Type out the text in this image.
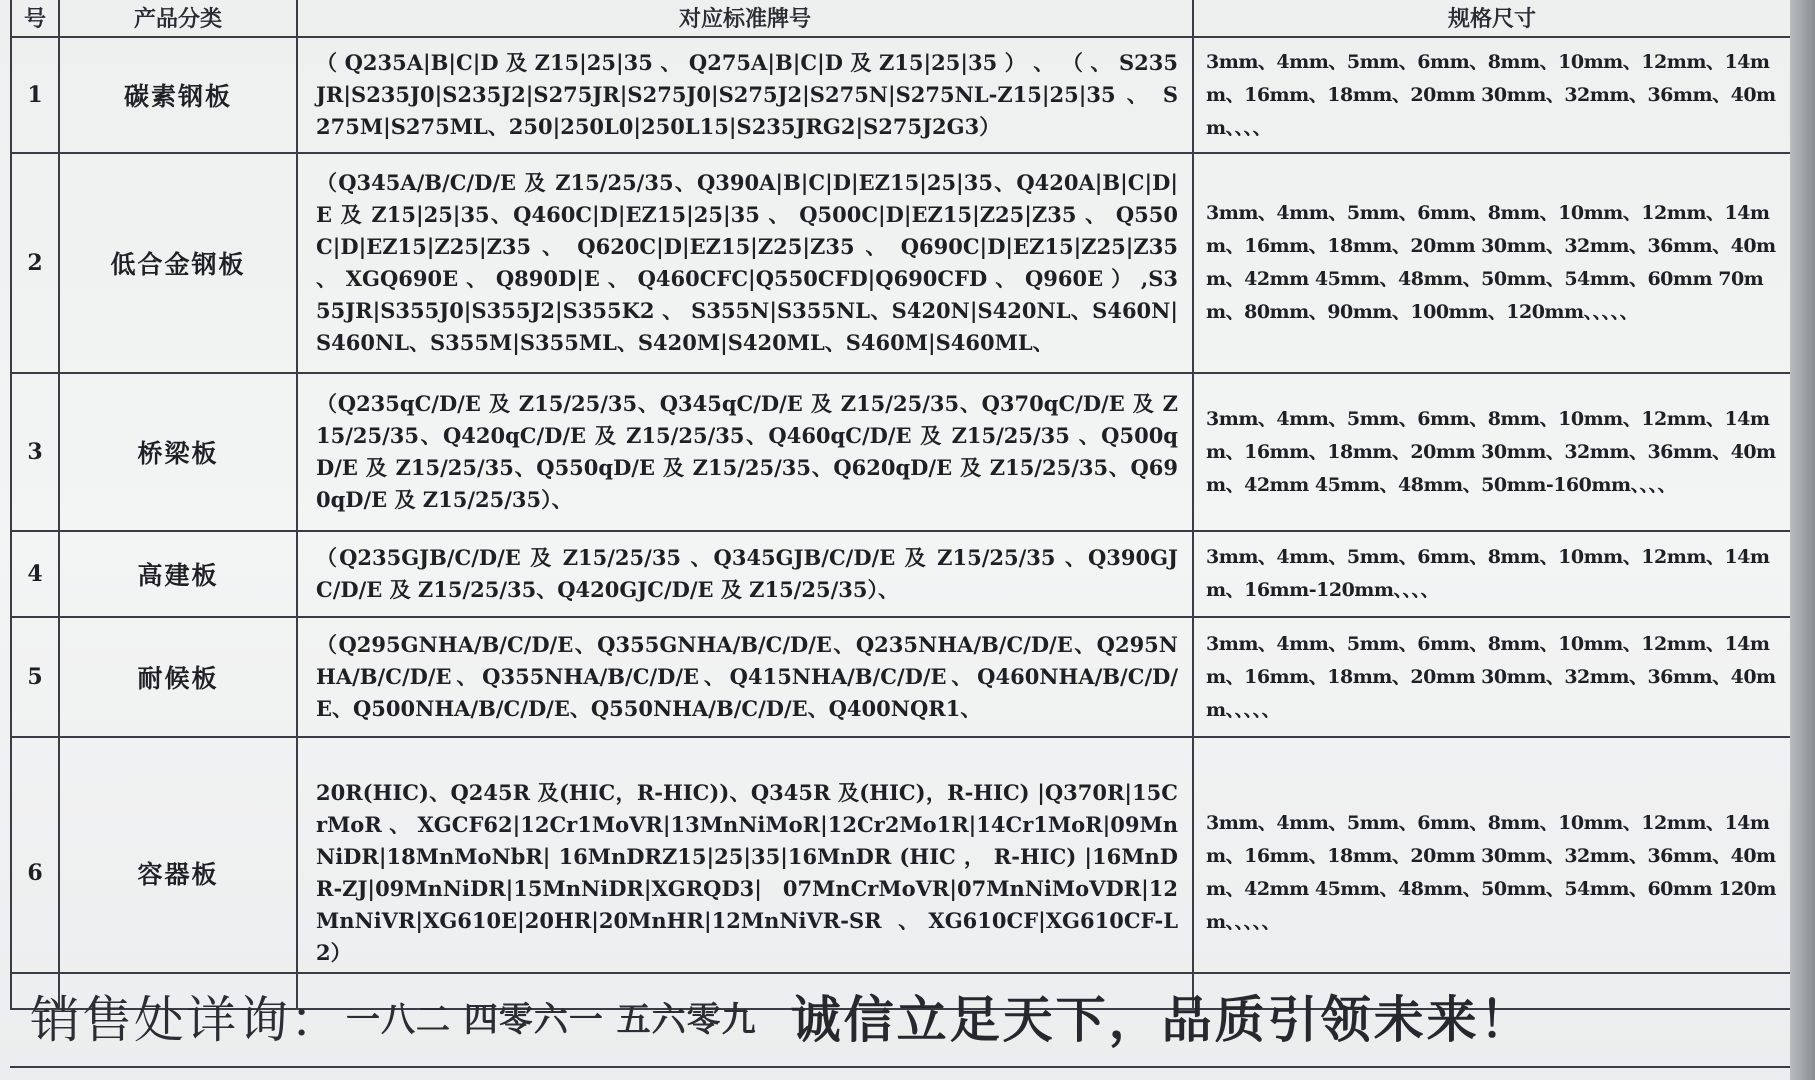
号	产品分类	对应标准牌号	规格尺寸
1	碳素钢板	（ Q235A|B|C|D 及 Z15|25|35 、 Q275A|B|C|D 及 Z15|25|35 ） 、 （ 、 S235JR|S235J0|S235J2|S275JR|S275J0|S275J2|S275N|S275NL-Z15|25|35 、 S275M|S275ML、250|250L0|250L15|S235JRG2|S275J2G3）	3mm、4mm、5mm、6mm、8mm、10mm、12mm、14mm、16mm、18mm、20mm 30mm、32mm、36mm、40mm、、、、
2	低合金钢板	（Q345A/B/C/D/E 及 Z15/25/35、Q390A|B|C|D|EZ15|25|35、Q420A|B|C|D|E 及 Z15|25|35、Q460C|D|EZ15|25|35 、 Q500C|D|EZ15|Z25|Z35 、 Q550C|D|EZ15|Z25|Z35 、 Q620C|D|EZ15|Z25|Z35 、 Q690C|D|EZ15|Z25|Z35 、 XGQ690E 、 Q890D|E 、 Q460CFC|Q550CFD|Q690CFD 、 Q960E ） ,S355JR|S355J0|S355J2|S355K2 、 S355N|S355NL、S420N|S420NL、S460N|S460NL、S355M|S355ML、S420M|S420ML、S460M|S460ML、	3mm、4mm、5mm、6mm、8mm、10mm、12mm、14mm、16mm、18mm、20mm 30mm、32mm、36mm、40mm、42mm 45mm、48mm、50mm、54mm、60mm 70mm、80mm、90mm、100mm、120mm、、、、、
3	桥梁板	（Q235qC/D/E 及 Z15/25/35、Q345qC/D/E 及 Z15/25/35、Q370qC/D/E 及 Z15/25/35、Q420qC/D/E 及 Z15/25/35、Q460qC/D/E 及 Z15/25/35 、Q500qD/E 及 Z15/25/35、Q550qD/E 及 Z15/25/35、Q620qD/E 及 Z15/25/35、Q690qD/E 及 Z15/25/35）、	3mm、4mm、5mm、6mm、8mm、10mm、12mm、14mm、16mm、18mm、20mm 30mm、32mm、36mm、40mm、42mm 45mm、48mm、50mm-160mm、、、、
4	高建板	（Q235GJB/C/D/E 及 Z15/25/35 、Q345GJB/C/D/E 及 Z15/25/35 、Q390GJC/D/E 及 Z15/25/35、Q420GJC/D/E 及 Z15/25/35）、	3mm、4mm、5mm、6mm、8mm、10mm、12mm、14mm、16mm-120mm、、、、
5	耐候板	（Q295GNHA/B/C/D/E、Q355GNHA/B/C/D/E、Q235NHA/B/C/D/E、Q295NHA/B/C/D/E、Q355NHA/B/C/D/E、Q415NHA/B/C/D/E、Q460NHA/B/C/D/E、Q500NHA/B/C/D/E、Q550NHA/B/C/D/E、Q400NQR1、	3mm、4mm、5mm、6mm、8mm、10mm、12mm、14mm、16mm、18mm、20mm 30mm、32mm、36mm、40mm、、、、、
6	容器板	20R(HIC)、Q245R 及(HIC，R-HIC))、Q345R 及(HIC)，R-HIC) |Q370R|15CrMoR、XGCF62|12Cr1MoVR|13MnNiMoR|12Cr2Mo1R|14Cr1MoR|09MnNiDR|18MnMoNbR| 16MnDRZ15|25|35|16MnDR (HIC ， R-HIC) |16MnDR-ZJ|09MnNiDR|15MnNiDR|XGRQD3| 07MnCrMoVR|07MnNiMoVDR|12MnNiVR|XG610E|20HR|20MnHR|12MnNiVR-SR 、XG610CF|XG610CF-L2）	3mm、4mm、5mm、6mm、8mm、10mm、12mm、14mm、16mm、18mm、20mm 30mm、32mm、36mm、40mm、42mm 45mm、48mm、50mm、54mm、60mm 120mm、、、、、
销售处详询： 一八二 四零六一 五六零九 诚信立足天下，品质引领未来！
